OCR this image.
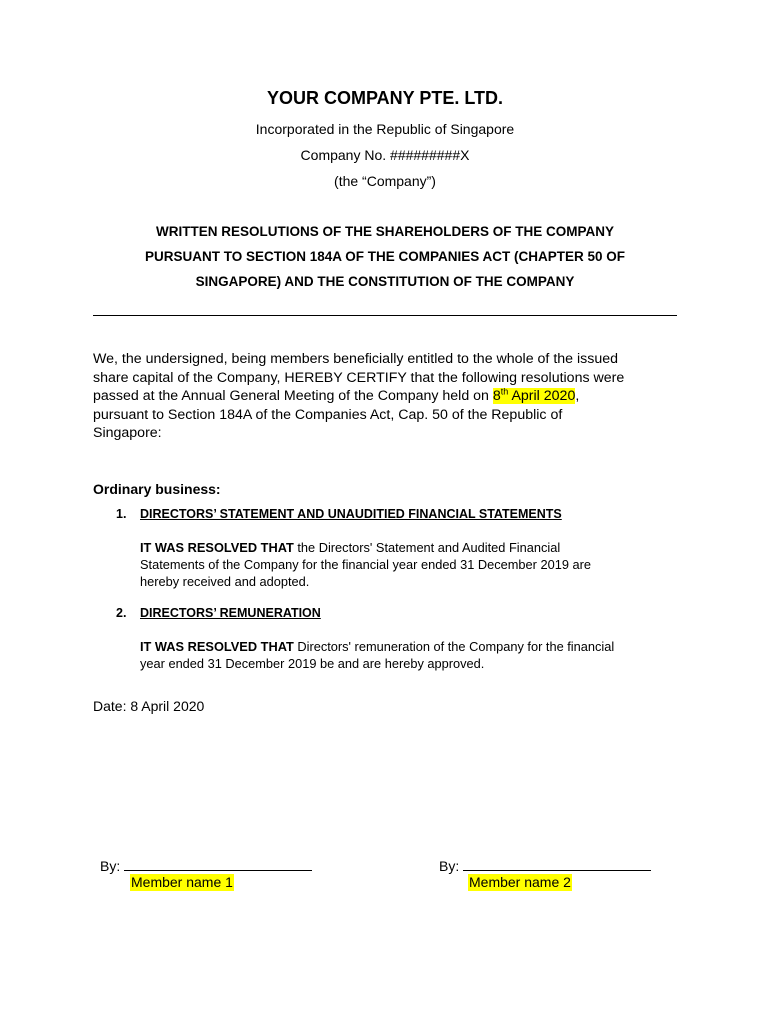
YOUR COMPANY PTE. LTD.
Incorporated in the Republic of Singapore
Company No. #########X
(the “Company”)
WRITTEN RESOLUTIONS OF THE SHAREHOLDERS OF THE COMPANY
PURSUANT TO SECTION 184A OF THE COMPANIES ACT (CHAPTER 50 OF
SINGAPORE) AND THE CONSTITUTION OF THE COMPANY
We, the undersigned, being members beneficially entitled to the whole of the issued
share capital of the Company, HEREBY CERTIFY that the following resolutions were
passed at the Annual General Meeting of the Company held on 8th April 2020,
pursuant to Section 184A of the Companies Act, Cap. 50 of the Republic of
Singapore:
Ordinary business:
1. DIRECTORS’ STATEMENT AND UNAUDITIED FINANCIAL STATEMENTS
IT WAS RESOLVED THAT the Directors' Statement and Audited Financial
Statements of the Company for the financial year ended 31 December 2019 are
hereby received and adopted.
2. DIRECTORS’ REMUNERATION
IT WAS RESOLVED THAT Directors' remuneration of the Company for the financial
year ended 31 December 2019 be and are hereby approved.
Date: 8 April 2020
By:
Member name 1
By:
Member name 2
